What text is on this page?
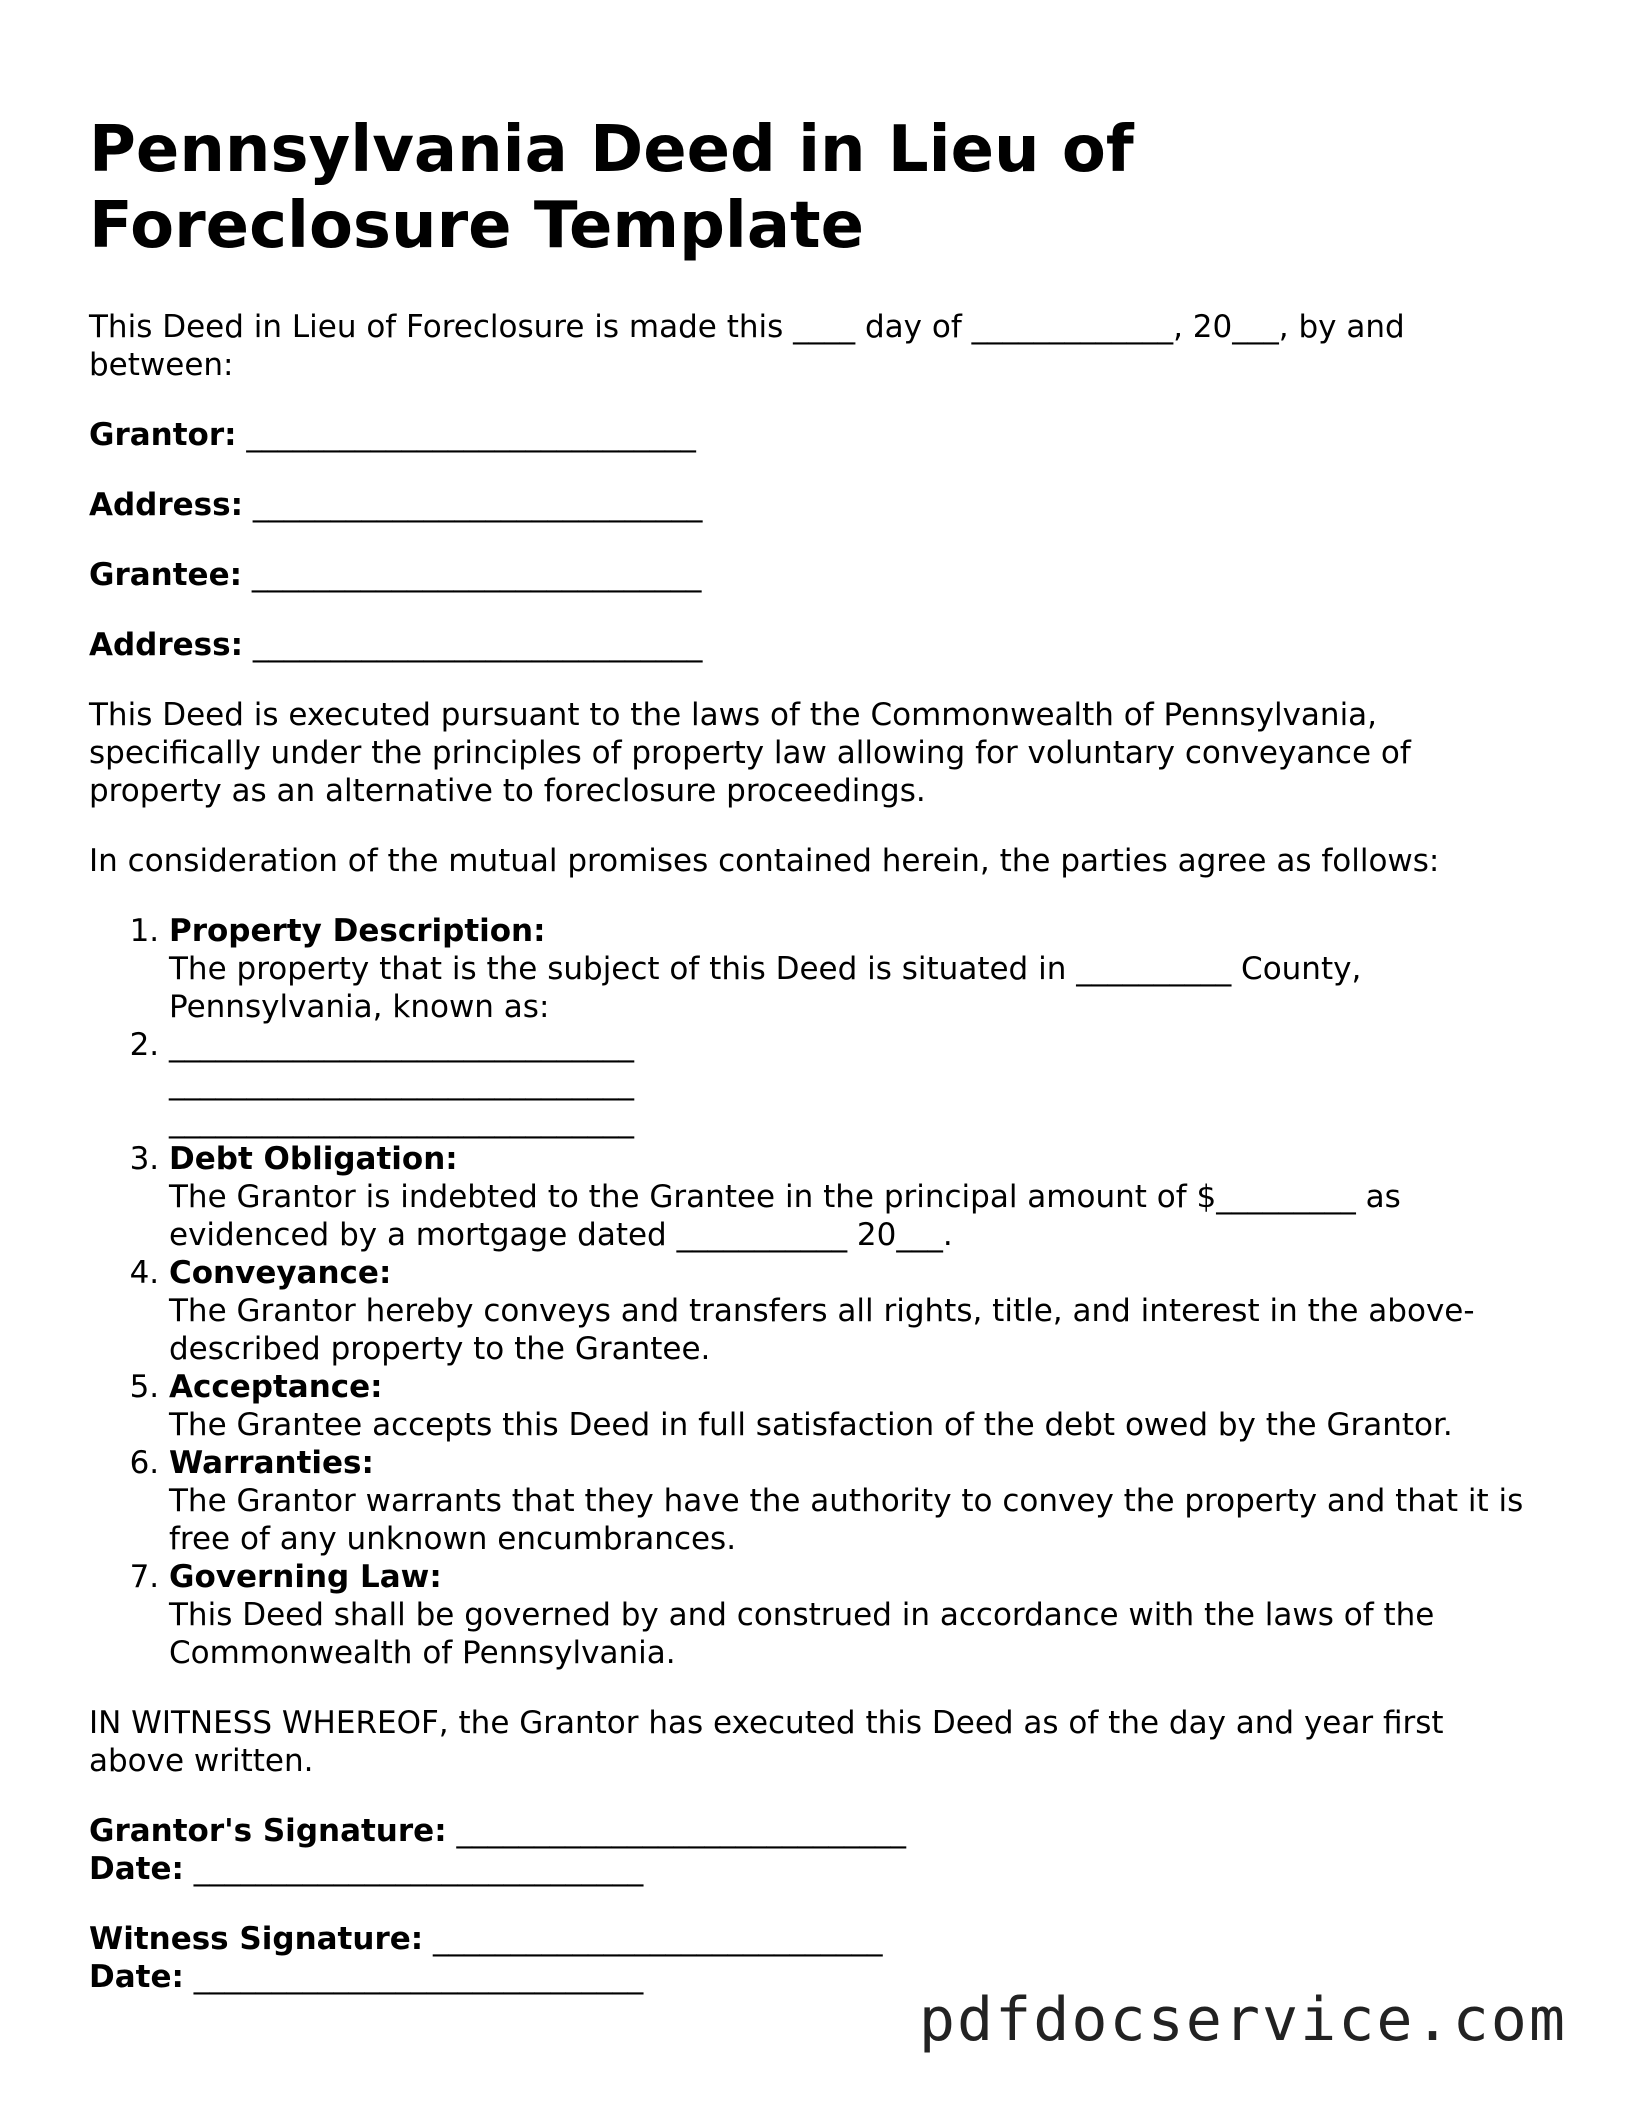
Pennsylvania Deed in Lieu of Foreclosure Template

This Deed in Lieu of Foreclosure is made this ____ day of _____________, 20___, by and between:

Grantor: _____________________________
Address: _____________________________
Grantee: _____________________________
Address: _____________________________

This Deed is executed pursuant to the laws of the Commonwealth of Pennsylvania, specifically under the principles of property law allowing for voluntary conveyance of property as an alternative to foreclosure proceedings.

In consideration of the mutual promises contained herein, the parties agree as follows:

1. Property Description:
The property that is the subject of this Deed is situated in __________ County, Pennsylvania, known as:
2. ______________________________
______________________________
______________________________
3. Debt Obligation:
The Grantor is indebted to the Grantee in the principal amount of $_________ as evidenced by a mortgage dated ___________ 20___.
4. Conveyance:
The Grantor hereby conveys and transfers all rights, title, and interest in the above-described property to the Grantee.
5. Acceptance:
The Grantee accepts this Deed in full satisfaction of the debt owed by the Grantor.
6. Warranties:
The Grantor warrants that they have the authority to convey the property and that it is free of any unknown encumbrances.
7. Governing Law:
This Deed shall be governed by and construed in accordance with the laws of the Commonwealth of Pennsylvania.

IN WITNESS WHEREOF, the Grantor has executed this Deed as of the day and year first above written.

Grantor's Signature: _____________________________
Date: _____________________________
Witness Signature: _____________________________
Date: _____________________________
pdfdocservice.com
